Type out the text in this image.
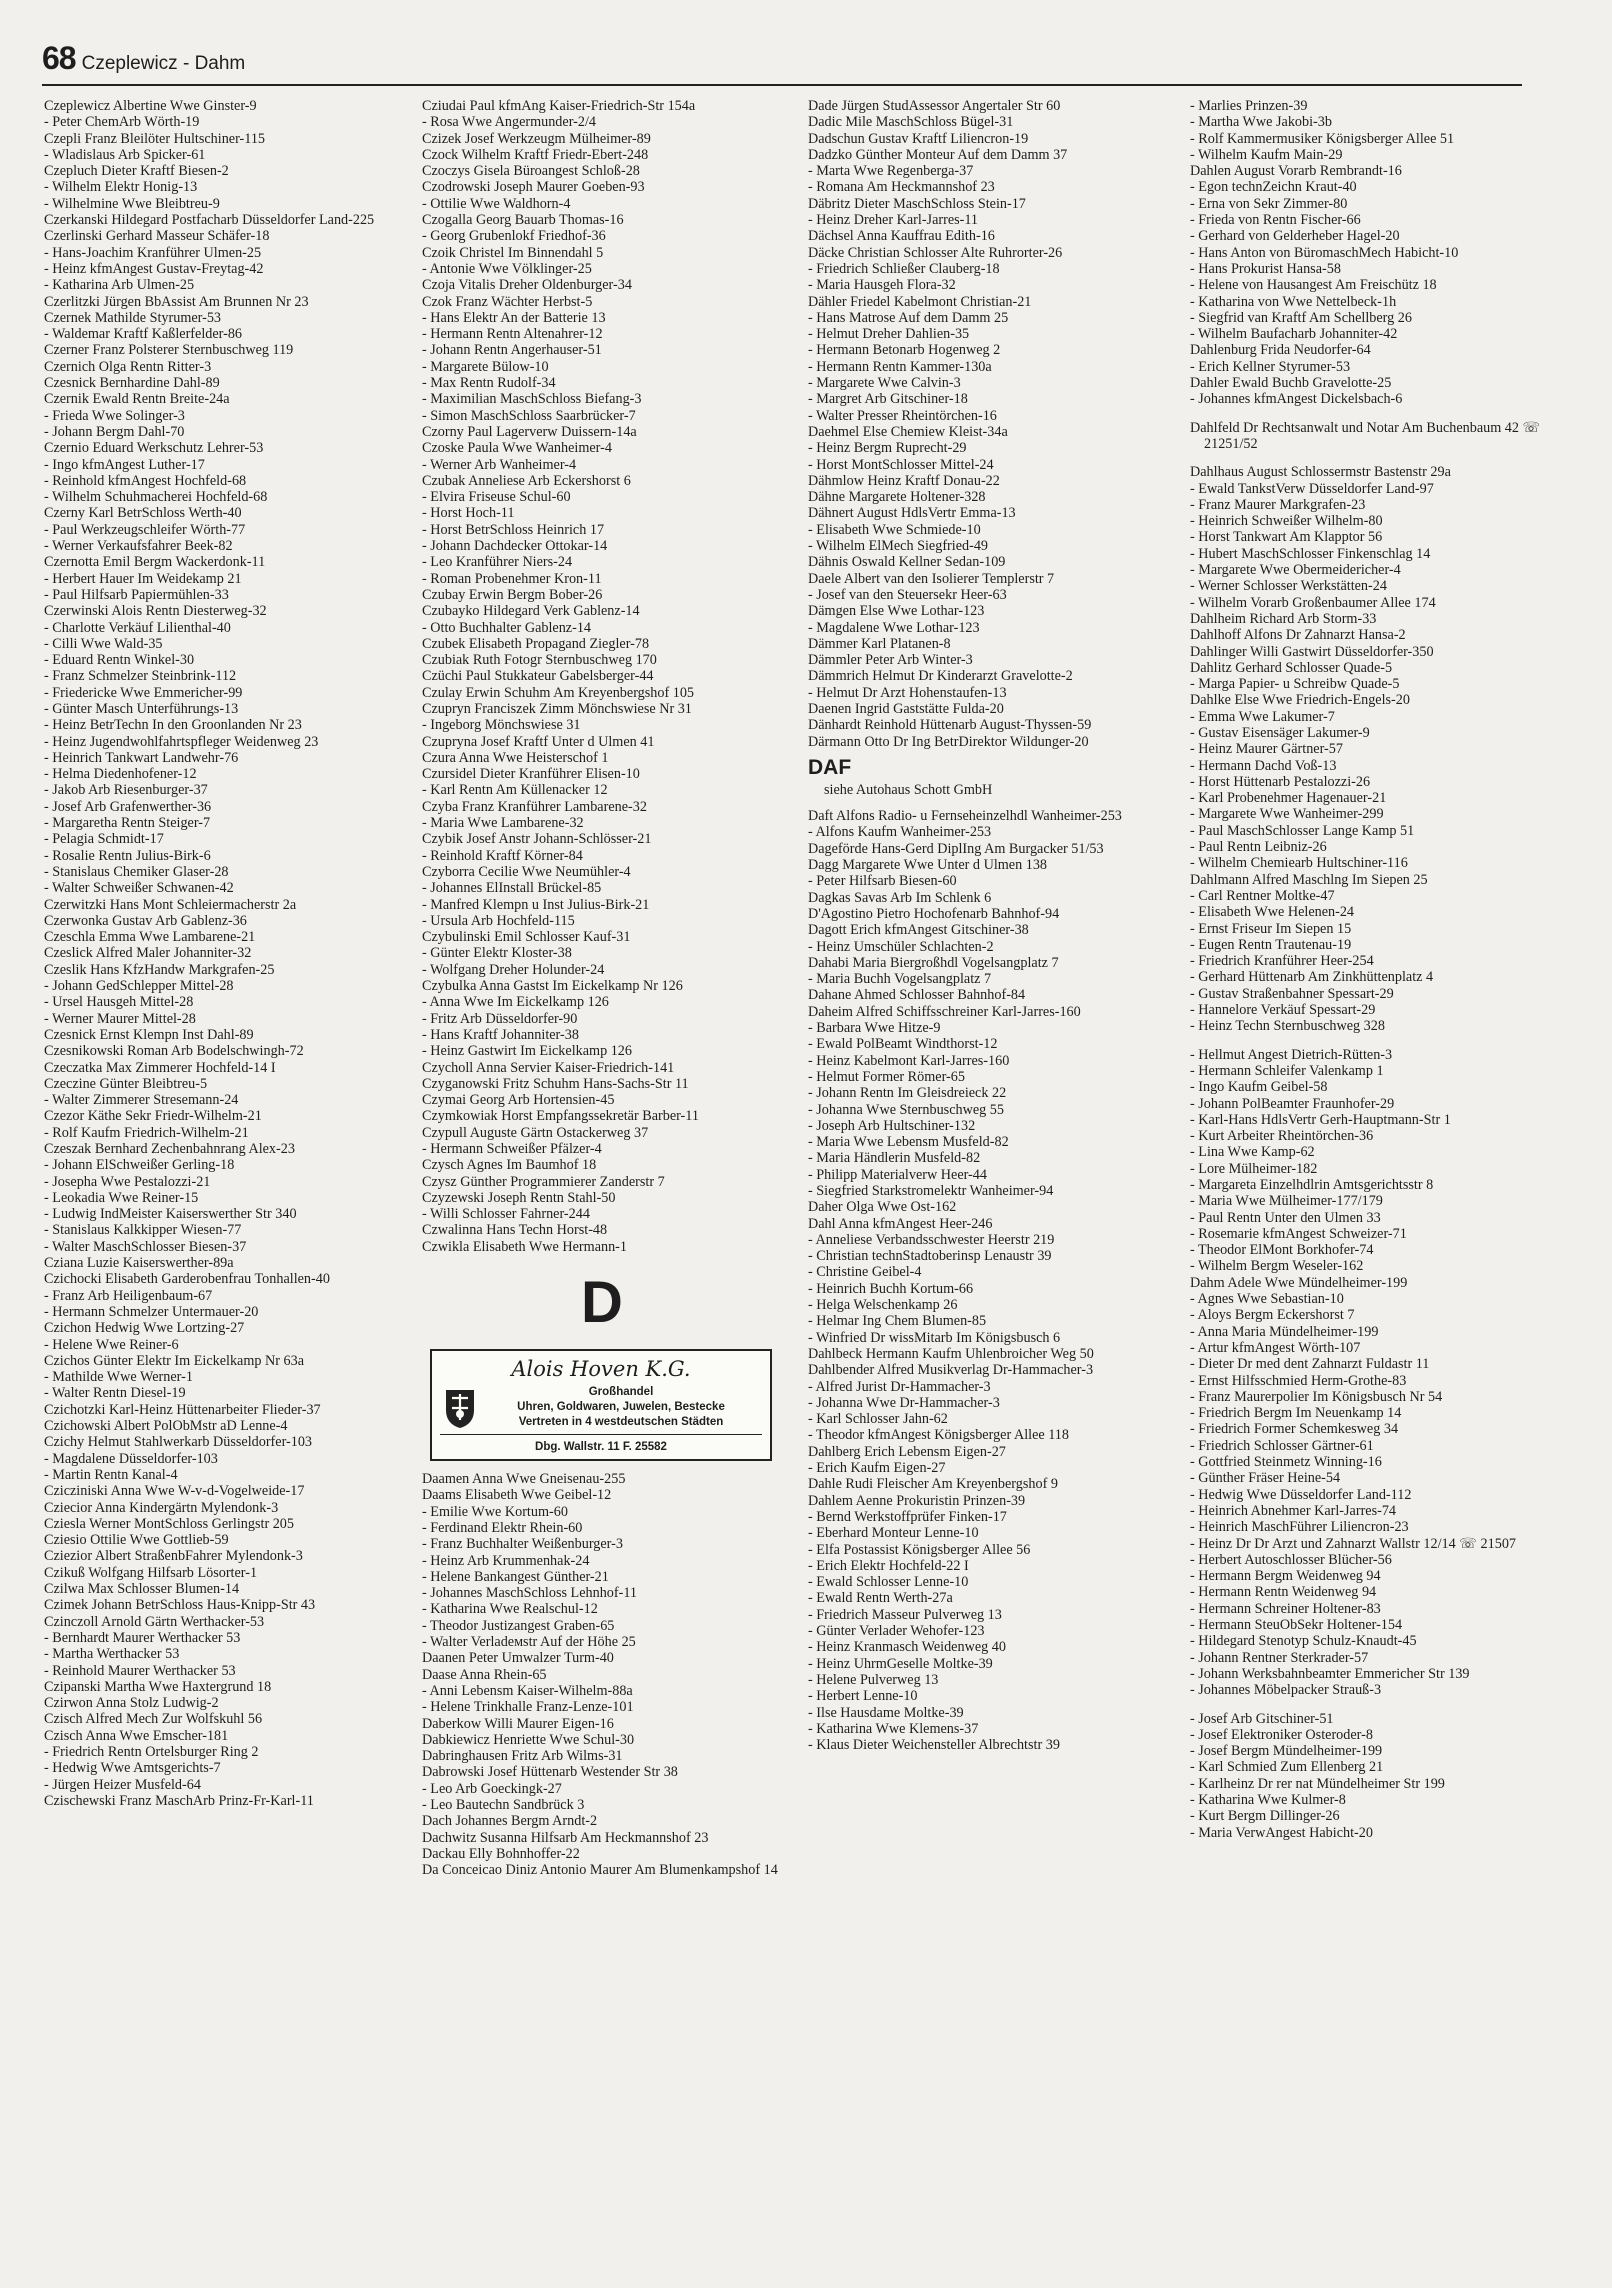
68 Czeplewicz - Dahm
Czeplewicz Albertine Wwe Ginster-9
- Peter ChemArb Wörth-19
Czepli Franz Bleilöter Hultschiner-115
- Wladislaus Arb Spicker-61
Czepluch Dieter Kraftf Biesen-2
- Wilhelm Elektr Honig-13
- Wilhelmine Wwe Bleibtreu-9
Czerkanski Hildegard Postfacharb Düsseldorfer Land-225
Czerlinski Gerhard Masseur Schäfer-18
- Hans-Joachim Kranführer Ulmen-25
- Heinz kfmAngest Gustav-Freytag-42
- Katharina Arb Ulmen-25
Czerlitzki Jürgen BbAssist Am Brunnen Nr 23
Czernek Mathilde Styrumer-53
- Waldemar Kraftf Kaßlerfelder-86
Czerner Franz Polsterer Sternbuschweg 119
Czernich Olga Rentn Ritter-3
Czesnick Bernhardine Dahl-89
Czernik Ewald Rentn Breite-24a
- Frieda Wwe Solinger-3
- Johann Bergm Dahl-70
Czernio Eduard Werkschutz Lehrer-53
- Ingo kfmAngest Luther-17
- Reinhold kfmAngest Hochfeld-68
- Wilhelm Schuhmacherei Hochfeld-68
Czerny Karl BetrSchloss Werth-40
- Paul Werkzeugschleifer Wörth-77
- Werner Verkaufsfahrer Beek-82
Czernotta Emil Bergm Wackerdonk-11
- Herbert Hauer Im Weidekamp 21
- Paul Hilfsarb Papiermühlen-33
Czerwinski Alois Rentn Diesterweg-32
- Charlotte Verkäuf Lilienthal-40
- Cilli Wwe Wald-35
- Eduard Rentn Winkel-30
- Franz Schmelzer Steinbrink-112
- Friedericke Wwe Emmericher-99
- Günter Masch Unterführungs-13
- Heinz BetrTechn In den Groonlanden Nr 23
- Heinz Jugendwohlfahrtspfleger Weidenweg 23
- Heinrich Tankwart Landwehr-76
- Helma Diedenhofener-12
- Jakob Arb Riesenburger-37
- Josef Arb Grafenwerther-36
- Margaretha Rentn Steiger-7
- Pelagia Schmidt-17
- Rosalie Rentn Julius-Birk-6
- Stanislaus Chemiker Glaser-28
- Walter Schweißer Schwanen-42
Czerwitzki Hans Mont Schleiermacherstr 2a
Czerwonka Gustav Arb Gablenz-36
Czeschla Emma Wwe Lambarene-21
Czeslick Alfred Maler Johanniter-32
Czeslik Hans KfzHandw Markgrafen-25
- Johann GedSchlepper Mittel-28
- Ursel Hausgeh Mittel-28
- Werner Maurer Mittel-28
Czesnick Ernst Klempn Inst Dahl-89
Czesnikowski Roman Arb Bodelschwingh-72
Czeczatka Max Zimmerer Hochfeld-14 I
Czeczine Günter Bleibtreu-5
- Walter Zimmerer Stresemann-24
Czezor Käthe Sekr Friedr-Wilhelm-21
- Rolf Kaufm Friedrich-Wilhelm-21
Czeszak Bernhard Zechenbahnrang Alex-23
- Johann ElSchweißer Gerling-18
- Josepha Wwe Pestalozzi-21
- Leokadia Wwe Reiner-15
- Ludwig IndMeister Kaiserswerther Str 340
- Stanislaus Kalkkipper Wiesen-77
- Walter MaschSchlosser Biesen-37
Cziana Luzie Kaiserswerther-89a
Czichocki Elisabeth Garderobenfrau Tonhallen-40
- Franz Arb Heiligenbaum-67
- Hermann Schmelzer Untermauer-20
Czichon Hedwig Wwe Lortzing-27
- Helene Wwe Reiner-6
Czichos Günter Elektr Im Eickelkamp Nr 63a
- Mathilde Wwe Werner-1
- Walter Rentn Diesel-19
Czichotzki Karl-Heinz Hüttenarbeiter Flieder-37
Czichowski Albert PolObMstr aD Lenne-4
Czichy Helmut Stahlwerkarb Düsseldorfer-103
- Magdalene Düsseldorfer-103
- Martin Rentn Kanal-4
Czicziniski Anna Wwe W-v-d-Vogelweide-17
Cziecior Anna Kindergärtn Mylendonk-3
Cziesla Werner MontSchloss Gerlingstr 205
Cziesio Ottilie Wwe Gottlieb-59
Cziezior Albert StraßenbFahrer Mylendonk-3
Czikuß Wolfgang Hilfsarb Lösorter-1
Czilwa Max Schlosser Blumen-14
Czimek Johann BetrSchloss Haus-Knipp-Str 43
Czinczoll Arnold Gärtn Werthacker-53
- Bernhardt Maurer Werthacker 53
- Martha Werthacker 53
- Reinhold Maurer Werthacker 53
Czipanski Martha Wwe Haxtergrund 18
Czirwon Anna Stolz Ludwig-2
Czisch Alfred Mech Zur Wolfskuhl 56
Czisch Anna Wwe Emscher-181
- Friedrich Rentn Ortelsburger Ring 2
- Hedwig Wwe Amtsgerichts-7
- Jürgen Heizer Musfeld-64
Czischewski Franz MaschArb Prinz-Fr-Karl-11
Cziudai Paul kfmAng Kaiser-Friedrich-Str 154a
- Rosa Wwe Angermunder-2/4
Czizek Josef Werkzeugm Mülheimer-89
Czock Wilhelm Kraftf Friedr-Ebert-248
Czoczys Gisela Büroangest Schloß-28
Czodrowski Joseph Maurer Goeben-93
- Ottilie Wwe Waldhorn-4
Czogalla Georg Bauarb Thomas-16
- Georg Grubenlokf Friedhof-36
Czoik Christel Im Binnendahl 5
- Antonie Wwe Völklinger-25
Czoja Vitalis Dreher Oldenburger-34
Czok Franz Wächter Herbst-5
- Hans Elektr An der Batterie 13
- Hermann Rentn Altenahrer-12
- Johann Rentn Angerhauser-51
- Margarete Bülow-10
- Max Rentn Rudolf-34
- Maximilian MaschSchloss Biefang-3
- Simon MaschSchloss Saarbrücker-7
Czorny Paul Lagerverw Duissern-14a
Czoske Paula Wwe Wanheimer-4
- Werner Arb Wanheimer-4
Czubak Anneliese Arb Eckershorst 6
- Elvira Friseuse Schul-60
- Horst Hoch-11
- Horst BetrSchloss Heinrich 17
- Johann Dachdecker Ottokar-14
- Leo Kranführer Niers-24
- Roman Probenehmer Kron-11
Czubay Erwin Bergm Bober-26
Czubayko Hildegard Verk Gablenz-14
- Otto Buchhalter Gablenz-14
Czubek Elisabeth Propagand Ziegler-78
Czubiak Ruth Fotogr Sternbuschweg 170
Czüchi Paul Stukkateur Gabelsberger-44
Czulay Erwin Schuhm Am Kreyenbergshof 105
Czupryn Franciszek Zimm Mönchswiese Nr 31
- Ingeborg Mönchswiese 31
Czupryna Josef Kraftf Unter d Ulmen 41
Czura Anna Wwe Heisterschof 1
Czursidel Dieter Kranführer Elisen-10
- Karl Rentn Am Küllenacker 12
Czyba Franz Kranführer Lambarene-32
- Maria Wwe Lambarene-32
Czybik Josef Anstr Johann-Schlösser-21
- Reinhold Kraftf Körner-84
Czyborra Cecilie Wwe Neumühler-4
- Johannes ElInstall Brückel-85
- Manfred Klempn u Inst Julius-Birk-21
- Ursula Arb Hochfeld-115
Czybulinski Emil Schlosser Kauf-31
- Günter Elektr Kloster-38
- Wolfgang Dreher Holunder-24
Czybulka Anna Gastst Im Eickelkamp Nr 126
- Anna Wwe Im Eickelkamp 126
- Fritz Arb Düsseldorfer-90
- Hans Kraftf Johanniter-38
- Heinz Gastwirt Im Eickelkamp 126
Czycholl Anna Servier Kaiser-Friedrich-141
Czyganowski Fritz Schuhm Hans-Sachs-Str 11
Czymai Georg Arb Hortensien-45
Czymkowiak Horst Empfangssekretär Barber-11
Czypull Auguste Gärtn Ostackerweg 37
- Hermann Schweißer Pfälzer-4
Czysch Agnes Im Baumhof 18
Czysz Günther Programmierer Zanderstr 7
Czyzewski Joseph Rentn Stahl-50
- Willi Schlosser Fahrner-244
Czwalinna Hans Techn Horst-48
Czwikla Elisabeth Wwe Hermann-1
D
Alois Hoven K.G.
Großhandel
Uhren, Goldwaren, Juwelen, Bestecke
Vertreten in 4 westdeutschen Städten
Dbg. Wallstr. 11 F. 25582
Daamen Anna Wwe Gneisenau-255
Daams Elisabeth Wwe Geibel-12
- Emilie Wwe Kortum-60
- Ferdinand Elektr Rhein-60
- Franz Buchhalter Weißenburger-3
- Heinz Arb Krummenhak-24
- Helene Bankangest Günther-21
- Johannes MaschSchloss Lehnhof-11
- Katharina Wwe Realschul-12
- Theodor Justizangest Graben-65
- Walter Verladeмstr Auf der Höhe 25
Daanen Peter Umwalzer Turm-40
Daase Anna Rhein-65
- Anni Lebensm Kaiser-Wilhelm-88a
- Helene Trinkhalle Franz-Lenze-101
Daberkow Willi Maurer Eigen-16
Dabkiewicz Henriette Wwe Schul-30
Dabringhausen Fritz Arb Wilms-31
Dabrowski Josef Hüttenarb Westender Str 38
- Leo Arb Goeckingk-27
- Leo Bautechn Sandbrück 3
Dach Johannes Bergm Arndt-2
Dachwitz Susanna Hilfsarb Am Heckmannshof 23
Dackau Elly Bohnhoffer-22
Da Conceicao Diniz Antonio Maurer Am Blumenkampshof 14
Dade Jürgen StudAssessor Angertaler Str 60
Dadic Mile MaschSchloss Bügel-31
Dadschun Gustav Kraftf Liliencron-19
Dadzko Günther Monteur Auf dem Damm 37
- Marta Wwe Regenberga-37
- Romana Am Heckmannshof 23
Däbritz Dieter MaschSchloss Stein-17
- Heinz Dreher Karl-Jarres-11
Dächsel Anna Kauffrau Edith-16
Däcke Christian Schlosser Alte Ruhrorter-26
- Friedrich Schließer Clauberg-18
- Maria Hausgeh Flora-32
Dähler Friedel Kabelmont Christian-21
- Hans Matrose Auf dem Damm 25
- Helmut Dreher Dahlien-35
- Hermann Betonarb Hogenweg 2
- Hermann Rentn Kammer-130a
- Margarete Wwe Calvin-3
- Margret Arb Gitschiner-18
- Walter Presser Rheintörchen-16
Daehmel Else Chemiew Kleist-34a
- Heinz Bergm Ruprecht-29
- Horst MontSchlosser Mittel-24
Dähmlow Heinz Kraftf Donau-22
Dähne Margarete Holtener-328
Dähnert August HdlsVertr Emma-13
- Elisabeth Wwe Schmiede-10
- Wilhelm ElMech Siegfried-49
Dähnis Oswald Kellner Sedan-109
Daele Albert van den Isolierer Templerstr 7
- Josef van den Steuersekr Heer-63
Dämgen Else Wwe Lothar-123
- Magdalene Wwe Lothar-123
Dämmer Karl Platanen-8
Dämmler Peter Arb Winter-3
Dämmrich Helmut Dr Kinderarzt Gravelotte-2
- Helmut Dr Arzt Hohenstaufen-13
Daenen Ingrid Gaststätte Fulda-20
Dänhardt Reinhold Hüttenarb August-Thyssen-59
Därmann Otto Dr Ing BetrDirektor Wildunger-20
DAF
siehe Autohaus Schott GmbH
Daft Alfons Radio- u Fernseheinzelhdl Wanheimer-253
- Alfons Kaufm Wanheimer-253
Dageförde Hans-Gerd DiplIng Am Burgacker 51/53
Dagg Margarete Wwe Unter d Ulmen 138
- Peter Hilfsarb Biesen-60
Dagkas Savas Arb Im Schlenk 6
D'Agostino Pietro Hochofenarb Bahnhof-94
Dagott Erich kfmAngest Gitschiner-38
- Heinz Umschüler Schlachten-2
Dahabi Maria Biergroßhdl Vogelsangplatz 7
- Maria Buchh Vogelsangplatz 7
Dahane Ahmed Schlosser Bahnhof-84
Daheim Alfred Schiffsschreiner Karl-Jarres-160
- Barbara Wwe Hitze-9
- Ewald PolBeamt Windthorst-12
- Heinz Kabelmont Karl-Jarres-160
- Helmut Former Römer-65
- Johann Rentn Im Gleisdreieck 22
- Johanna Wwe Sternbuschweg 55
- Joseph Arb Hultschiner-132
- Maria Wwe Lebensm Musfeld-82
- Maria Händlerin Musfeld-82
- Philipp Materialverw Heer-44
- Siegfried Starkstromelektr Wanheimer-94
Daher Olga Wwe Ost-162
Dahl Anna kfmAngest Heer-246
- Anneliese Verbandsschwester Heerstr 219
- Christian technStadtoberinsp Lenaustr 39
- Christine Geibel-4
- Heinrich Buchh Kortum-66
- Helga Welschenkamp 26
- Helmar Ing Chem Blumen-85
- Winfried Dr wissMitarb Im Königsbusch 6
Dahlbeck Hermann Kaufm Uhlenbroicher Weg 50
Dahlbender Alfred Musikverlag Dr-Hammacher-3
- Alfred Jurist Dr-Hammacher-3
- Johanna Wwe Dr-Hammacher-3
- Karl Schlosser Jahn-62
- Theodor kfmAngest Königsberger Allee 118
Dahlberg Erich Lebensm Eigen-27
- Erich Kaufm Eigen-27
Dahle Rudi Fleischer Am Kreyenbergshof 9
Dahlem Aenne Prokuristin Prinzen-39
- Bernd Werkstoffprüfer Finken-17
- Eberhard Monteur Lenne-10
- Elfa Postassist Königsberger Allee 56
- Erich Elektr Hochfeld-22 I
- Ewald Schlosser Lenne-10
- Ewald Rentn Werth-27a
- Friedrich Masseur Pulverweg 13
- Günter Verlader Wehofer-123
- Heinz Kranmasch Weidenweg 40
- Heinz UhrmGeselle Moltke-39
- Helene Pulverweg 13
- Herbert Lenne-10
- Ilse Hausdame Moltke-39
- Katharina Wwe Klemens-37
- Klaus Dieter Weichensteller Albrechtstr 39
- Marlies Prinzen-39
- Martha Wwe Jakobi-3b
- Rolf Kammermusiker Königsberger Allee 51
- Wilhelm Kaufm Main-29
Dahlen August Vorarb Rembrandt-16
- Egon technZeichn Kraut-40
- Erna von Sekr Zimmer-80
- Frieda von Rentn Fischer-66
- Gerhard von Gelderheber Hagel-20
- Hans Anton von BüromaschMech Habicht-10
- Hans Prokurist Hansa-58
- Helene von Hausangest Am Freischütz 18
- Katharina von Wwe Nettelbeck-1h
- Siegfrid van Kraftf Am Schellberg 26
- Wilhelm Baufacharb Johanniter-42
Dahlenburg Frida Neudorfer-64
- Erich Kellner Styrumer-53
Dahler Ewald Buchb Gravelotte-25
- Johannes kfmAngest Dickelsbach-6
Dahlfeld Dr Rechtsanwalt und Notar Am Buchenbaum 42 ☏ 21251/52
Dahlhaus August Schlossermstr Bastenstr 29a
- Ewald TankstVerw Düsseldorfer Land-97
- Franz Maurer Markgrafen-23
- Heinrich Schweißer Wilhelm-80
- Horst Tankwart Am Klapptor 56
- Hubert MaschSchlosser Finkenschlag 14
- Margarete Wwe Obermeidericher-4
- Werner Schlosser Werkstätten-24
- Wilhelm Vorarb Großenbaumer Allee 174
Dahlheim Richard Arb Storm-33
Dahlhoff Alfons Dr Zahnarzt Hansa-2
Dahlinger Willi Gastwirt Düsseldorfer-350
Dahlitz Gerhard Schlosser Quade-5
- Marga Papier- u Schreibw Quade-5
Dahlke Else Wwe Friedrich-Engels-20
- Emma Wwe Lakumer-7
- Gustav Eisensäger Lakumer-9
- Heinz Maurer Gärtner-57
- Hermann Dachd Voß-13
- Horst Hüttenarb Pestalozzi-26
- Karl Probenehmer Hagenauer-21
- Margarete Wwe Wanheimer-299
- Paul MaschSchlosser Lange Kamp 51
- Paul Rentn Leibniz-26
- Wilhelm Chemiearb Hultschiner-116
Dahlmann Alfred Maschlng Im Siepen 25
- Carl Rentner Moltke-47
- Elisabeth Wwe Helenen-24
- Ernst Friseur Im Siepen 15
- Eugen Rentn Trautenau-19
- Friedrich Kranführer Heer-254
- Gerhard Hüttenarb Am Zinkhüttenplatz 4
- Gustav Straßenbahner Spessart-29
- Hannelore Verkäuf Spessart-29
- Heinz Techn Sternbuschweg 328
- Hellmut Angest Dietrich-Rütten-3
- Hermann Schleifer Valenkamp 1
- Ingo Kaufm Geibel-58
- Johann PolBeamter Fraunhofer-29
- Karl-Hans HdlsVertr Gerh-Hauptmann-Str 1
- Kurt Arbeiter Rheintörchen-36
- Lina Wwe Kamp-62
- Lore Mülheimer-182
- Margareta Einzelhdlrin Amtsgerichtsstr 8
- Maria Wwe Mülheimer-177/179
- Paul Rentn Unter den Ulmen 33
- Rosemarie kfmAngest Schweizer-71
- Theodor ElMont Borkhofer-74
- Wilhelm Bergm Weseler-162
Dahm Adele Wwe Mündelheimer-199
- Agnes Wwe Sebastian-10
- Aloys Bergm Eckershorst 7
- Anna Maria Mündelheimer-199
- Artur kfmAngest Wörth-107
- Dieter Dr med dent Zahnarzt Fuldastr 11
- Ernst Hilfsschmied Herm-Grothe-83
- Franz Maurerpolier Im Königsbusch Nr 54
- Friedrich Bergm Im Neuenkamp 14
- Friedrich Former Schemkesweg 34
- Friedrich Schlosser Gärtner-61
- Gottfried Steinmetz Winning-16
- Günther Fräser Heine-54
- Hedwig Wwe Düsseldorfer Land-112
- Heinrich Abnehmer Karl-Jarres-74
- Heinrich MaschFührer Liliencron-23
- Heinz Dr Dr Arzt und Zahnarzt Wallstr 12/14 ☏ 21507
- Herbert Autoschlosser Blücher-56
- Hermann Bergm Weidenweg 94
- Hermann Rentn Weidenweg 94
- Hermann Schreiner Holtener-83
- Hermann SteuObSekr Holtener-154
- Hildegard Stenotyp Schulz-Knaudt-45
- Johann Rentner Sterkrader-57
- Johann Werksbahnbeamter Emmericher Str 139
- Johannes Möbelpacker Strauß-3
- Josef Arb Gitschiner-51
- Josef Elektroniker Osteroder-8
- Josef Bergm Mündelheimer-199
- Karl Schmied Zum Ellenberg 21
- Karlheinz Dr rer nat Mündelheimer Str 199
- Katharina Wwe Kulmer-8
- Kurt Bergm Dillinger-26
- Maria VerwAngest Habicht-20
